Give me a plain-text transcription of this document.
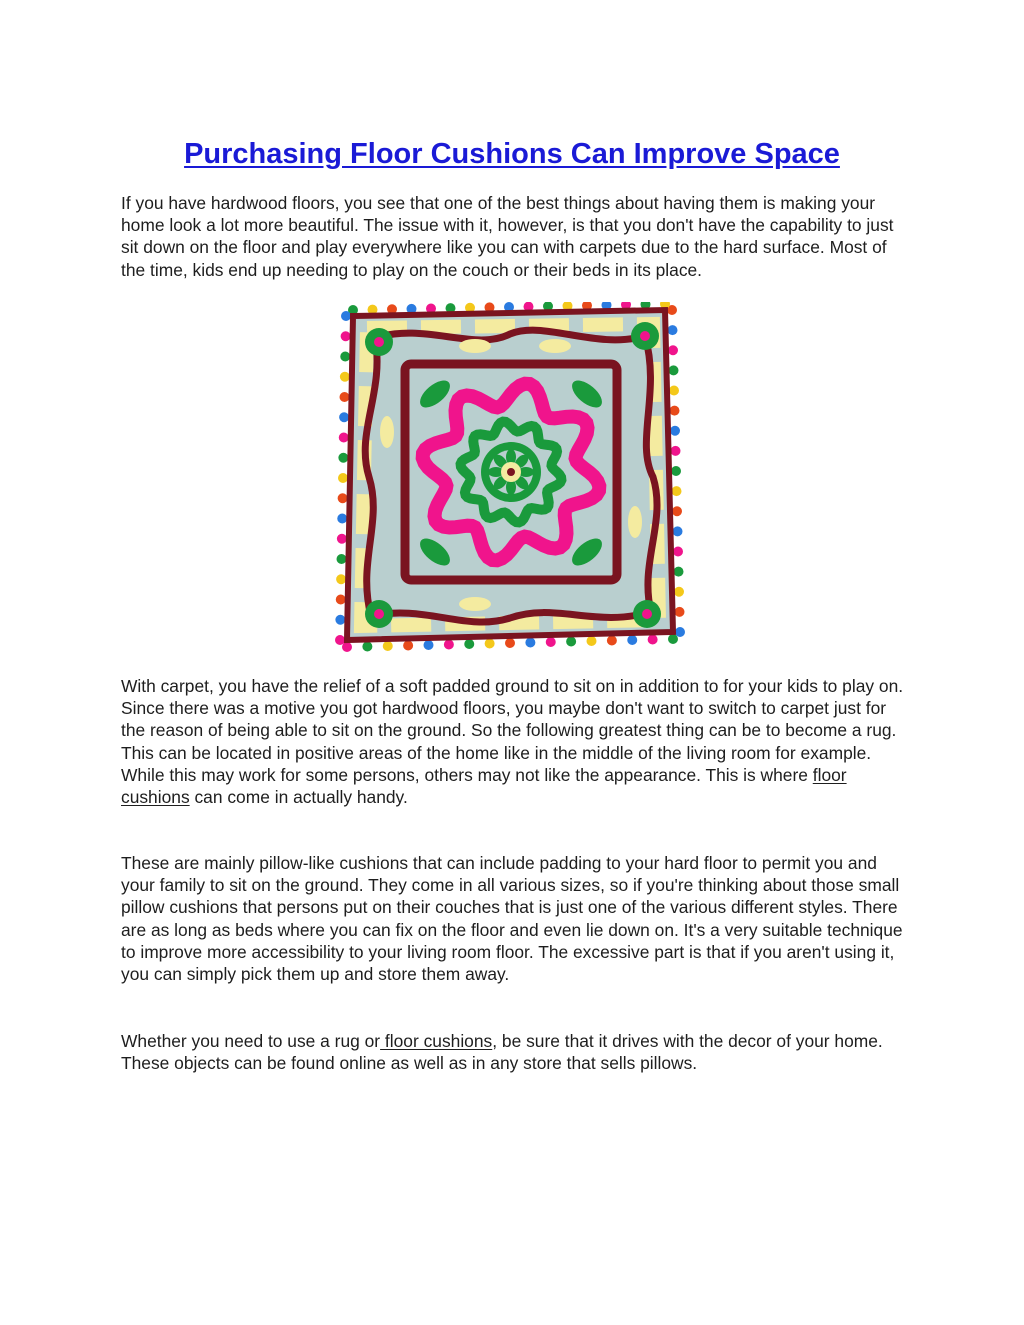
Purchasing Floor Cushions Can Improve Space

If you have hardwood floors, you see that one of the best things about having them is making your home look a lot more beautiful. The issue with it, however, is that you don't have the capability to just sit down on the floor and play everywhere like you can with carpets due to the hard surface. Most of the time, kids end up needing to play on the couch or their beds in its place.

With carpet, you have the relief of a soft padded ground to sit on in addition to for your kids to play on. Since there was a motive you got hardwood floors, you maybe don't want to switch to carpet just for the reason of being able to sit on the ground. So the following greatest thing can be to become a rug. This can be located in positive areas of the home like in the middle of the living room for example. While this may work for some persons, others may not like the appearance. This is where floor cushions can come in actually handy.

These are mainly pillow-like cushions that can include padding to your hard floor to permit you and your family to sit on the ground. They come in all various sizes, so if you're thinking about those small pillow cushions that persons put on their couches that is just one of the various different styles. There are as long as beds where you can fix on the floor and even lie down on. It's a very suitable technique to improve more accessibility to your living room floor. The excessive part is that if you aren't using it, you can simply pick them up and store them away.

Whether you need to use a rug or floor cushions, be sure that it drives with the decor of your home. These objects can be found online as well as in any store that sells pillows.
